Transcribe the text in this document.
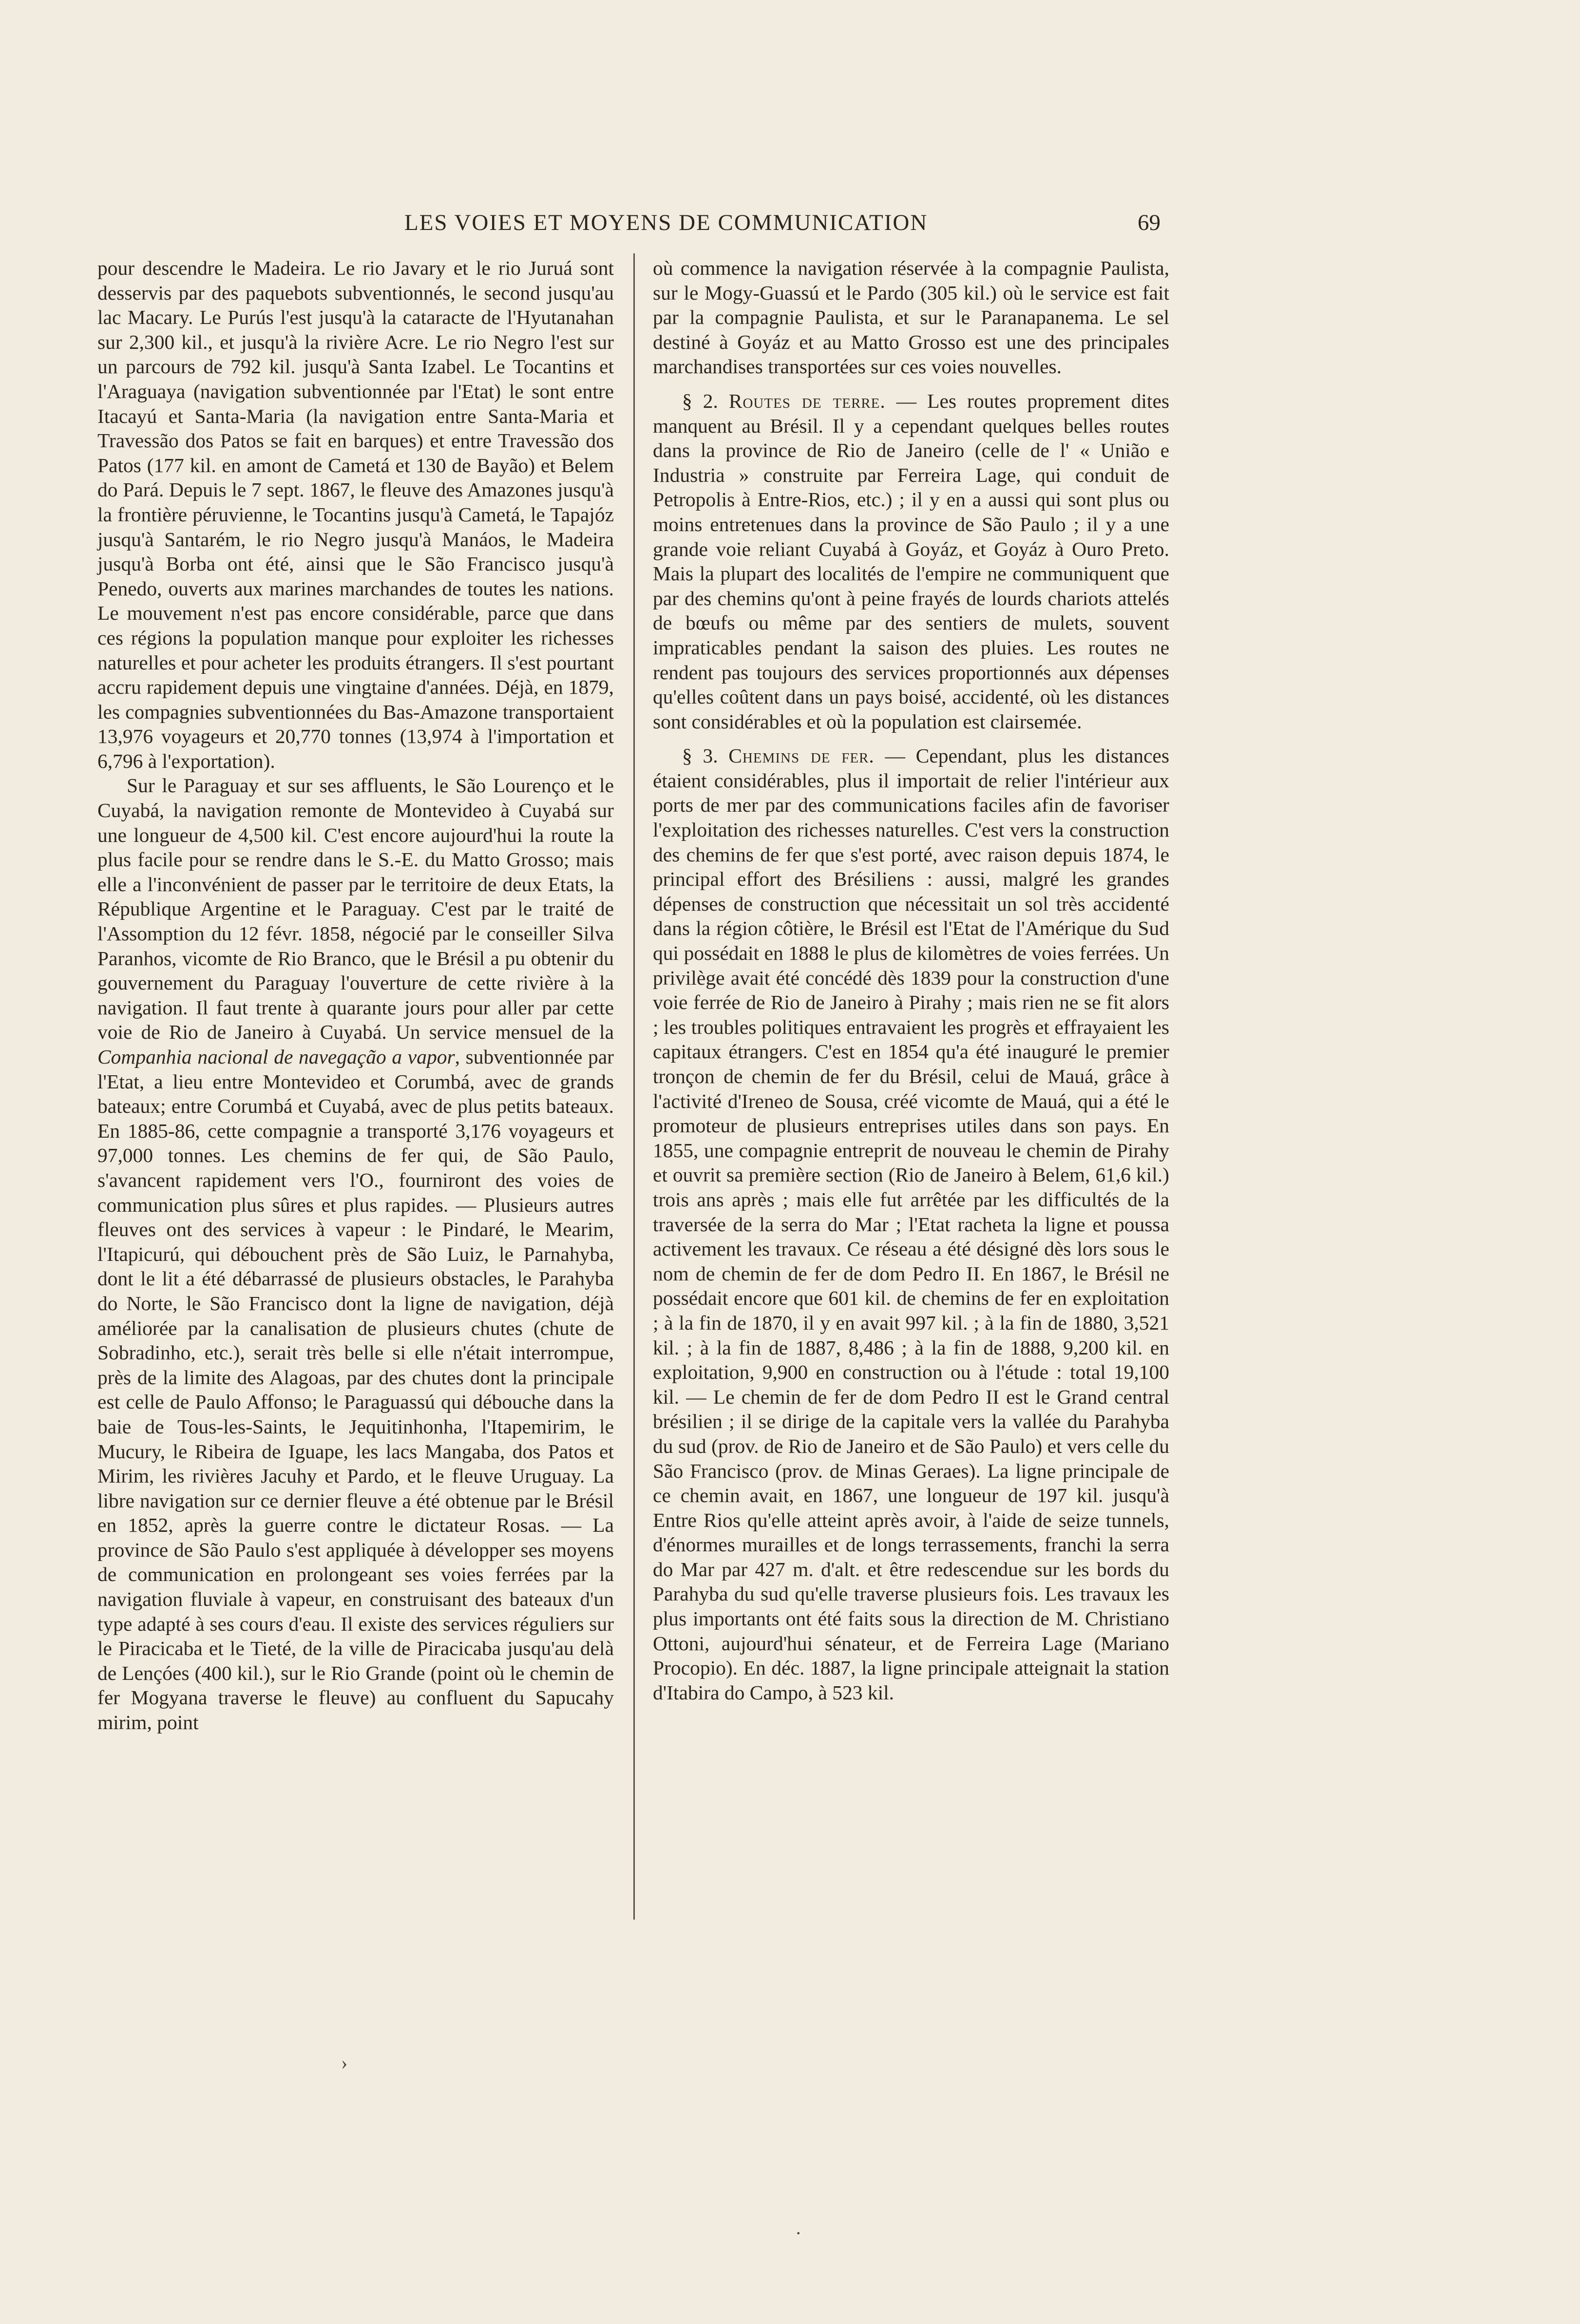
LES VOIES ET MOYENS DE COMMUNICATION	69

pour descendre le Madeira. Le rio Javary et le rio Juruá sont desservis par des paquebots subventionnés, le second jusqu'au lac Macary. Le Purús l'est jusqu'à la cataracte de l'Hyutanahan sur 2,300 kil., et jusqu'à la rivière Acre. Le rio Negro l'est sur un parcours de 792 kil. jusqu'à Santa Izabel. Le Tocantins et l'Araguaya (navigation subventionnée par l'Etat) le sont entre Itacayú et Santa-Maria (la navigation entre Santa-Maria et Travessão dos Patos se fait en barques) et entre Travessão dos Patos (177 kil. en amont de Cametá et 130 de Bayão) et Belem do Pará. Depuis le 7 sept. 1867, le fleuve des Amazones jusqu'à la frontière péruvienne, le Tocantins jusqu'à Cametá, le Tapajóz jusqu'à Santarém, le rio Negro jusqu'à Manáos, le Madeira jusqu'à Borba ont été, ainsi que le São Francisco jusqu'à Penedo, ouverts aux marines marchandes de toutes les nations. Le mouvement n'est pas encore considérable, parce que dans ces régions la population manque pour exploiter les richesses naturelles et pour acheter les produits étrangers. Il s'est pourtant accru rapidement depuis une vingtaine d'années. Déjà, en 1879, les compagnies subventionnées du Bas-Amazone transportaient 13,976 voyageurs et 20,770 tonnes (13,974 à l'importation et 6,796 à l'exportation).

Sur le Paraguay et sur ses affluents, le São Lourenço et le Cuyabá, la navigation remonte de Montevideo à Cuyabá sur une longueur de 4,500 kil. C'est encore aujourd'hui la route la plus facile pour se rendre dans le S.-E. du Matto Grosso; mais elle a l'inconvénient de passer par le territoire de deux Etats, la République Argentine et le Paraguay. C'est par le traité de l'Assomption du 12 févr. 1858, négocié par le conseiller Silva Paranhos, vicomte de Rio Branco, que le Brésil a pu obtenir du gouvernement du Paraguay l'ouverture de cette rivière à la navigation. Il faut trente à quarante jours pour aller par cette voie de Rio de Janeiro à Cuyabá. Un service mensuel de la Companhia nacional de navegação a vapor, subventionnée par l'Etat, a lieu entre Montevideo et Corumbá, avec de grands bateaux; entre Corumbá et Cuyabá, avec de plus petits bateaux. En 1885-86, cette compagnie a transporté 3,176 voyageurs et 97,000 tonnes. Les chemins de fer qui, de São Paulo, s'avancent rapidement vers l'O., fourniront des voies de communication plus sûres et plus rapides. — Plusieurs autres fleuves ont des services à vapeur : le Pindaré, le Mearim, l'Itapicurú, qui débouchent près de São Luiz, le Parnahyba, dont le lit a été débarrassé de plusieurs obstacles, le Parahyba do Norte, le São Francisco dont la ligne de navigation, déjà améliorée par la canalisation de plusieurs chutes (chute de Sobradinho, etc.), serait très belle si elle n'était interrompue, près de la limite des Alagoas, par des chutes dont la principale est celle de Paulo Affonso; le Paraguassú qui débouche dans la baie de Tous-les-Saints, le Jequitinhonha, l'Itapemirim, le Mucury, le Ribeira de Iguape, les lacs Mangaba, dos Patos et Mirim, les rivières Jacuhy et Pardo, et le fleuve Uruguay. La libre navigation sur ce dernier fleuve a été obtenue par le Brésil en 1852, après la guerre contre le dictateur Rosas. — La province de São Paulo s'est appliquée à développer ses moyens de communication en prolongeant ses voies ferrées par la navigation fluviale à vapeur, en construisant des bateaux d'un type adapté à ses cours d'eau. Il existe des services réguliers sur le Piracicaba et le Tieté, de la ville de Piracicaba jusqu'au delà de Lençóes (400 kil.), sur le Rio Grande (point où le chemin de fer Mogyana traverse le fleuve) au confluent du Sapucahy mirim, point

où commence la navigation réservée à la compagnie Paulista, sur le Mogy-Guassú et le Pardo (305 kil.) où le service est fait par la compagnie Paulista, et sur le Paranapanema. Le sel destiné à Goyáz et au Matto Grosso est une des principales marchandises transportées sur ces voies nouvelles.

§ 2. Routes de terre. — Les routes proprement dites manquent au Brésil. Il y a cependant quelques belles routes dans la province de Rio de Janeiro (celle de l' « União e Industria » construite par Ferreira Lage, qui conduit de Petropolis à Entre-Rios, etc.) ; il y en a aussi qui sont plus ou moins entretenues dans la province de São Paulo ; il y a une grande voie reliant Cuyabá à Goyáz, et Goyáz à Ouro Preto. Mais la plupart des localités de l'empire ne communiquent que par des chemins qu'ont à peine frayés de lourds chariots attelés de bœufs ou même par des sentiers de mulets, souvent impraticables pendant la saison des pluies. Les routes ne rendent pas toujours des services proportionnés aux dépenses qu'elles coûtent dans un pays boisé, accidenté, où les distances sont considérables et où la population est clairsemée.

§ 3. Chemins de fer. — Cependant, plus les distances étaient considérables, plus il importait de relier l'intérieur aux ports de mer par des communications faciles afin de favoriser l'exploitation des richesses naturelles. C'est vers la construction des chemins de fer que s'est porté, avec raison depuis 1874, le principal effort des Brésiliens : aussi, malgré les grandes dépenses de construction que nécessitait un sol très accidenté dans la région côtière, le Brésil est l'Etat de l'Amérique du Sud qui possédait en 1888 le plus de kilomètres de voies ferrées. Un privilège avait été concédé dès 1839 pour la construction d'une voie ferrée de Rio de Janeiro à Pirahy ; mais rien ne se fit alors ; les troubles politiques entravaient les progrès et effrayaient les capitaux étrangers. C'est en 1854 qu'a été inauguré le premier tronçon de chemin de fer du Brésil, celui de Mauá, grâce à l'activité d'Ireneo de Sousa, créé vicomte de Mauá, qui a été le promoteur de plusieurs entreprises utiles dans son pays. En 1855, une compagnie entreprit de nouveau le chemin de Pirahy et ouvrit sa première section (Rio de Janeiro à Belem, 61,6 kil.) trois ans après ; mais elle fut arrêtée par les difficultés de la traversée de la serra do Mar ; l'Etat racheta la ligne et poussa activement les travaux. Ce réseau a été désigné dès lors sous le nom de chemin de fer de dom Pedro II. En 1867, le Brésil ne possédait encore que 601 kil. de chemins de fer en exploitation ; à la fin de 1870, il y en avait 997 kil. ; à la fin de 1880, 3,521 kil. ; à la fin de 1887, 8,486 ; à la fin de 1888, 9,200 kil. en exploitation, 9,900 en construction ou à l'étude : total 19,100 kil. — Le chemin de fer de dom Pedro II est le Grand central brésilien ; il se dirige de la capitale vers la vallée du Parahyba du sud (prov. de Rio de Janeiro et de São Paulo) et vers celle du São Francisco (prov. de Minas Geraes). La ligne principale de ce chemin avait, en 1867, une longueur de 197 kil. jusqu'à Entre Rios qu'elle atteint après avoir, à l'aide de seize tunnels, d'énormes murailles et de longs terrassements, franchi la serra do Mar par 427 m. d'alt. et être redescendue sur les bords du Parahyba du sud qu'elle traverse plusieurs fois. Les travaux les plus importants ont été faits sous la direction de M. Christiano Ottoni, aujourd'hui sénateur, et de Ferreira Lage (Mariano Procopio). En déc. 1887, la ligne principale atteignait la station d'Itabira do Campo, à 523 kil.

›
·
